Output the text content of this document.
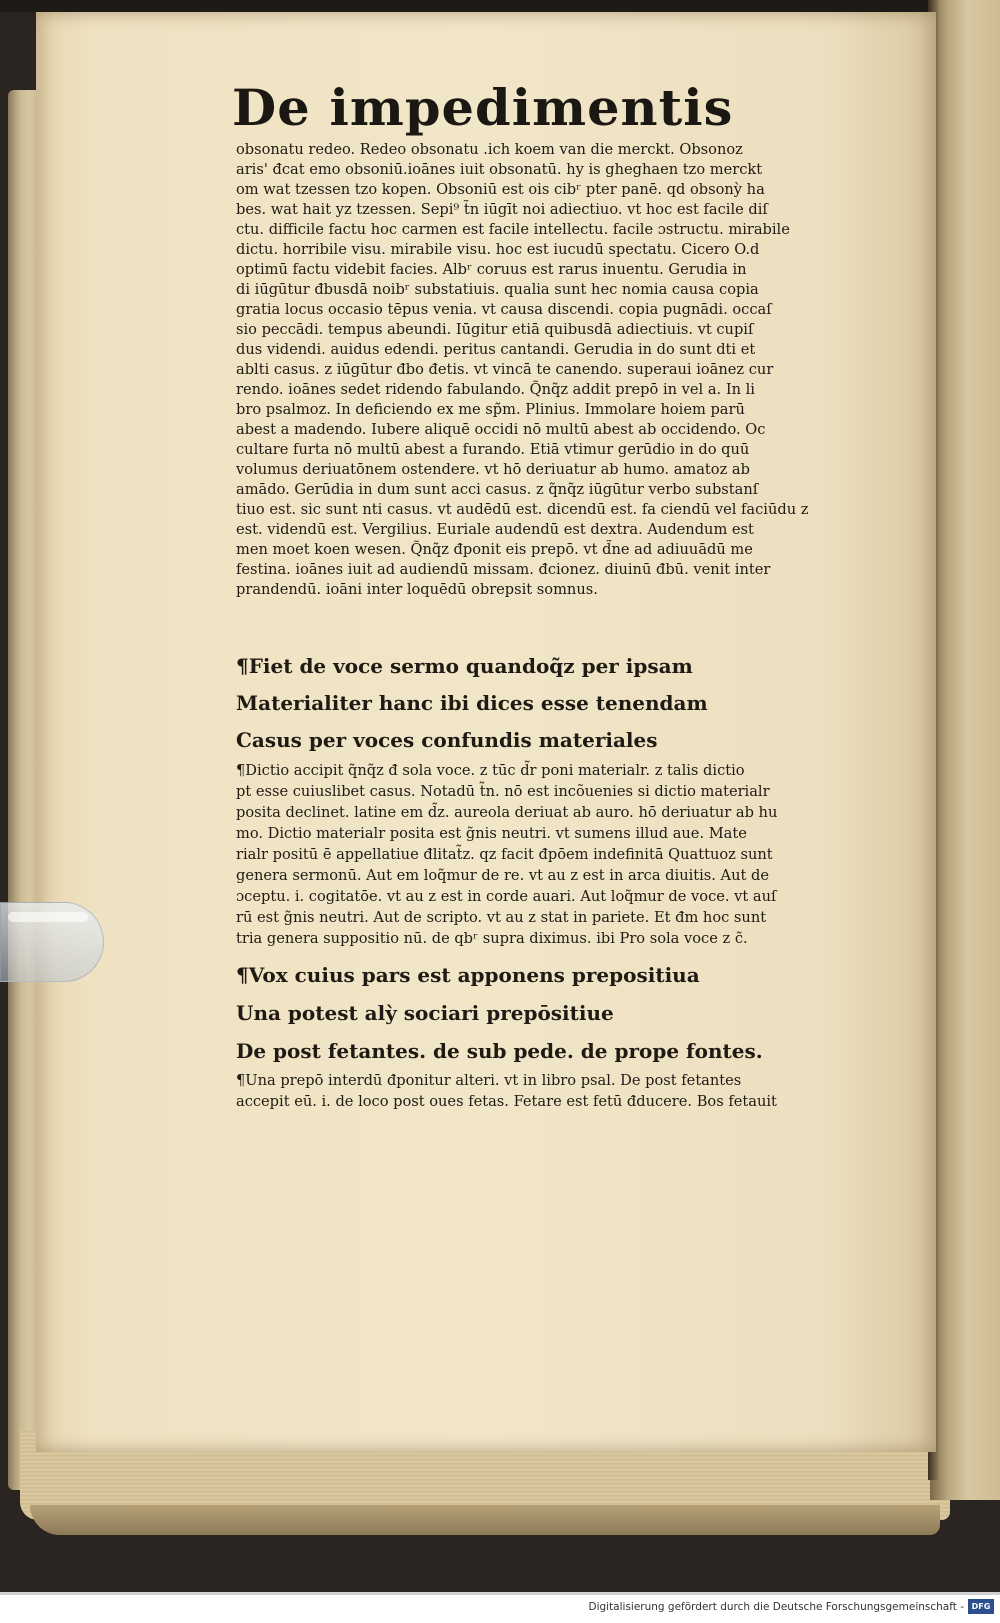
De impedimentis
obsonatu redeo. Redeo obsonatu .ich koem van die merckt. Obsonoz
aris' đcat emo obsoniū.ioānes iuit obsonatū. hy is gheghaen tzo merckt
om wat tzessen tzo kopen. Obsoniū est ois cibʳ pter panē. qd obsonỳ ha
bes. wat hait yz tzessen. Sepi⁹ t̃n iūgīt noi adiectiuo. vt hoc est facile diſ
ctu. difficile factu hoc carmen est facile intellectu. facile ɔstructu. mirabile
dictu. horribile visu. mirabile visu. hoc est iucudū spectatu. Cicero O.d
optimū factu videbit facies. Albʳ coruus est rarus inuentu. Gerudia in
di iūgūtur đbusdā noibʳ substatiuis. qualia sunt hec nomia causa copia
gratia locus occasio tēpus venia. vt causa discendi. copia pugnādi. occaſ
sio peccādi. tempus abeundi. Iūgitur etiā quibusdā adiectiuis. vt cupiſ
dus videndi. auidus edendi. peritus cantandi. Gerudia in do sunt dti et
ablti casus. z iūgūtur đbo đetis. vt vincā te canendo. superaui ioānez cur
rendo. ioānes sedet ridendo fabulando. Q̃nq̃z addit prepō in vel a. In li
bro psalmoz. In deficiendo ex me sp̃m. Plinius. Immolare hoiem parū
abest a madendo. Iubere aliquē occidi nō multū abest ab occidendo. Oc
cultare furta nō multū abest a furando. Etiā vtimur gerūdio in do quū
volumus deriuatōnem ostendere. vt hō deriuatur ab humo. amatoz ab
amādo. Gerūdia in dum sunt acci casus. z q̃nq̃z iūgūtur verbo substanſ
tiuo est. sic sunt nti casus. vt audēdū est. dicendū est. fa ciendū vel faciūdu z
est. videndū est. Vergilius. Euriale audendū est dextra. Audendum est
men moet koen wesen. Q̃nq̃z đponit eis prepō. vt d̃ne ad adiuuādū me
festina. ioānes iuit ad audiendū missam. đcionez. diuinū đbū. venit inter
prandendū. ioāni inter loquēdū obrepsit somnus.
¶Fiet de voce sermo quandoq̃z per ipsam
Materialiter hanc ibi dices esse tenendam
Casus per voces confundis materiales
¶Dictio accipit q̃nq̃z đ sola voce. z tūc d̃r poni materialr. z talis dictio
pt esse cuiuslibet casus. Notadū t̃n. nō est incõuenies si dictio materialr
posita declinet. latine em d̃z. aureola deriuat ab auro. hō deriuatur ab hu
mo. Dictio materialr posita est g̃nis neutri. vt sumens illud aue. Mate
rialr positū ē appellatiue đlitat̃z. qz facit đpōem indefinitā Quattuoz sunt
genera sermonū. Aut em loq̃mur de re. vt au z est in arca diuitis. Aut de
ɔceptu. i. cogitatōe. vt au z est in corde auari. Aut loq̃mur de voce. vt auſ
rū est g̃nis neutri. Aut de scripto. vt au z stat in pariete. Et đm hoc sunt
tria genera suppositio nū. de qbʳ supra diximus. ibi Pro sola voce z c̃.
¶Vox cuius pars est apponens prepositiua
Una potest alỳ sociari prepōsitiue
De post fetantes. de sub pede. de prope fontes.
¶Una prepō interdū đponitur alteri. vt in libro psal. De post fetantes
accepit eū. i. de loco post oues fetas. Fetare est fetū đducere. Bos fetauit
Digitalisierung gefördert durch die Deutsche Forschungsgemeinschaft - DFG
